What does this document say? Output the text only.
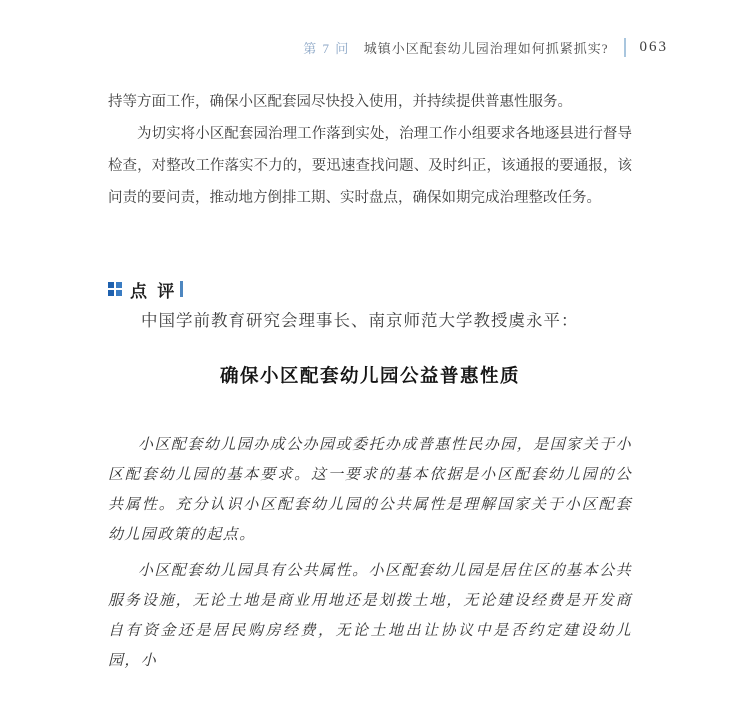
第 7 问 城镇小区配套幼儿园治理如何抓紧抓实? 063

持等方面工作，确保小区配套园尽快投入使用，并持续提供普惠性服务。

为切实将小区配套园治理工作落到实处，治理工作小组要求各地逐县进行督导检查，对整改工作落实不力的，要迅速查找问题、及时纠正，该通报的要通报，该问责的要问责，推动地方倒排工期、实时盘点，确保如期完成治理整改任务。

点 评

中国学前教育研究会理事长、南京师范大学教授虞永平：

确保小区配套幼儿园公益普惠性质

小区配套幼儿园办成公办园或委托办成普惠性民办园，是国家关于小区配套幼儿园的基本要求。这一要求的基本依据是小区配套幼儿园的公共属性。充分认识小区配套幼儿园的公共属性是理解国家关于小区配套幼儿园政策的起点。

小区配套幼儿园具有公共属性。小区配套幼儿园是居住区的基本公共服务设施，无论土地是商业用地还是划拨土地，无论建设经费是开发商自有资金还是居民购房经费，无论土地出让协议中是否约定建设幼儿园，小
